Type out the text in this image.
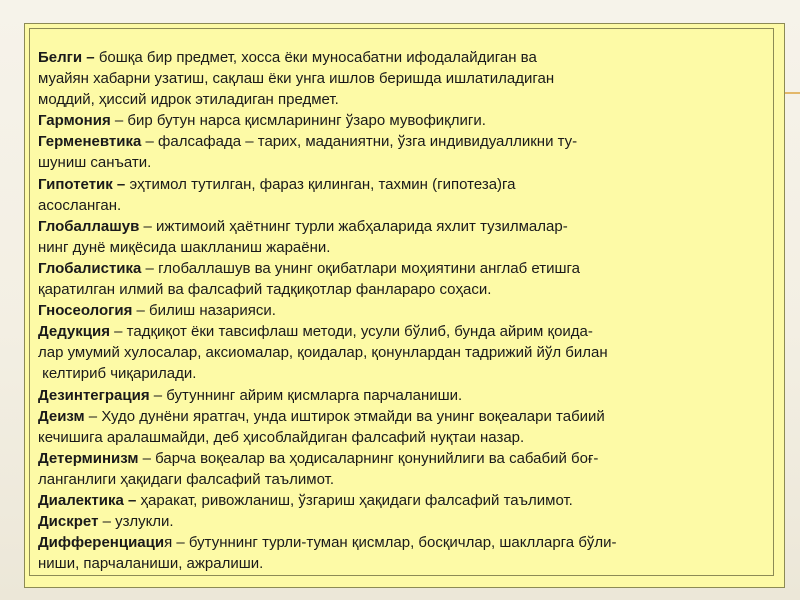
Белги – бошқа бир предмет, хосса ёки муносабатни ифодалайдиган ва
муайян хабарни узатиш, сақлаш ёки унга ишлов беришда ишлатиладиган
моддий, ҳиссий идрок этиладиган предмет.
Гармония – бир бутун нарса қисмларининг ўзаро мувофиқлиги.
Герменевтика – фалсафада – тарих, маданиятни, ўзга индивидуалликни ту-
шуниш санъати.
Гипотетик – эҳтимол тутилган, фараз қилинган, тахмин (гипотеза)га
асосланган.
Глобаллашув – ижтимоий ҳаётнинг турли жабҳаларида яхлит тузилмалар-
нинг дунё миқёсида шаклланиш жараёни.
Глобалистика – глобаллашув ва унинг оқибатлари моҳиятини англаб етишга
қаратилган илмий ва фалсафий тадқиқотлар фанлараро соҳаси.
Гносеология – билиш назарияси.
Дедукция – тадқиқот ёки тавсифлаш методи, усули бўлиб, бунда айрим қоида-
лар умумий хулосалар, аксиомалар, қоидалар, қонунлардан тадрижий йўл билан
келтириб чиқарилади.
Дезинтеграция – бутуннинг айрим қисмларга парчаланиши.
Деизм – Худо дунёни яратгач, унда иштирок этмайди ва унинг воқеалари табиий
кечишига аралашмайди, деб ҳисоблайдиган фалсафий нуқтаи назар.
Детерминизм – барча воқеалар ва ҳодисаларнинг қонунийлиги ва сабабий боғ-
ланганлиги ҳақидаги фалсафий таълимот.
Диалектика – ҳаракат, ривожланиш, ўзгариш ҳақидаги фалсафий таълимот.
Дискрет – узлукли.
Дифференциация – бутуннинг турли-туман қисмлар, босқичлар, шаклларга бўли-
ниши, парчаланиши, ажралиши.
